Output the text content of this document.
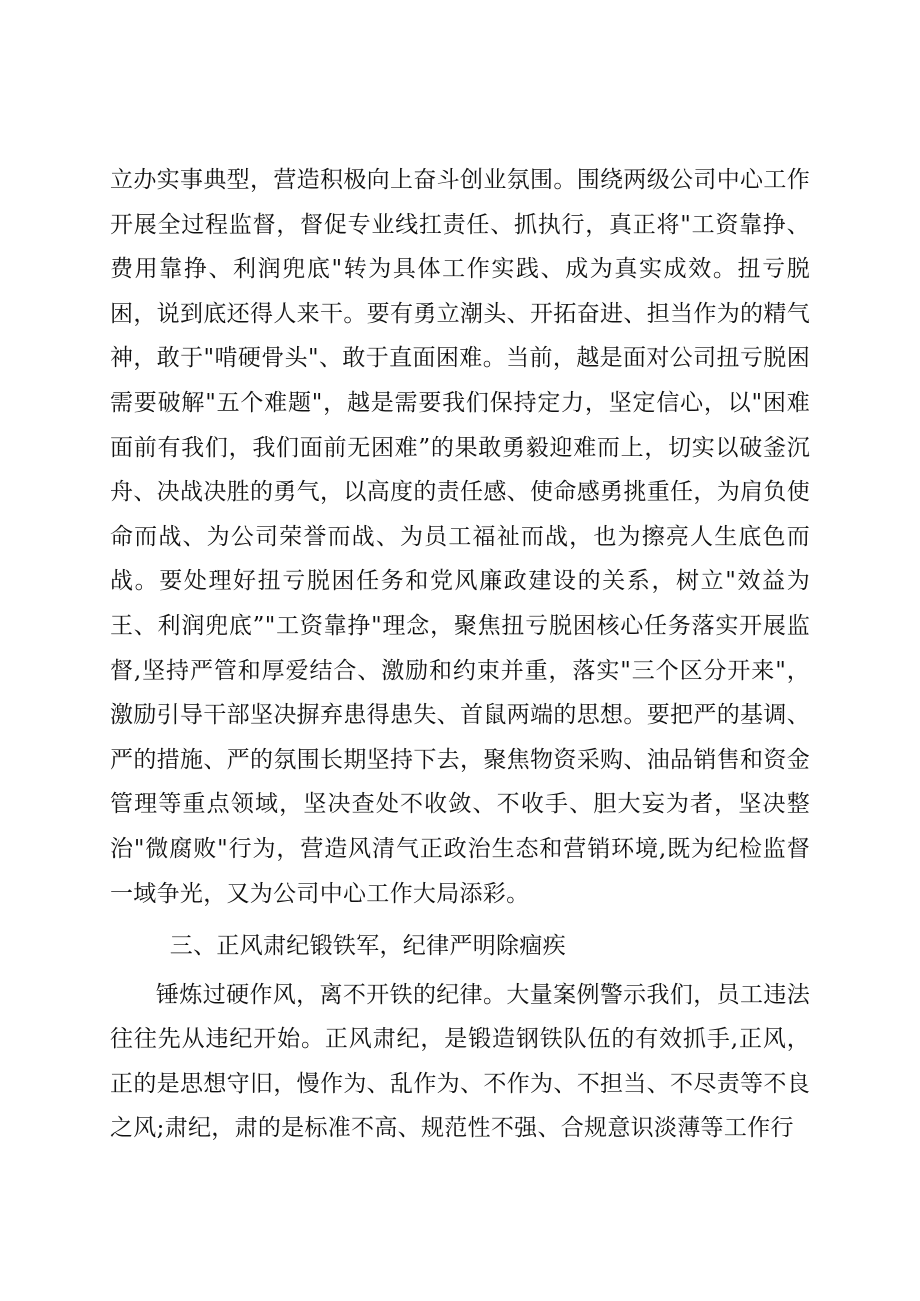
立办实事典型，营造积极向上奋斗创业氛围。围绕两级公司中心工作开展全过程监督，督促专业线扛责任、抓执行，真正将"工资靠挣、费用靠挣、利润兜底"转为具体工作实践、成为真实成效。扭亏脱困，说到底还得人来干。要有勇立潮头、开拓奋进、担当作为的精气神，敢于"啃硬骨头"、敢于直面困难。当前，越是面对公司扭亏脱困需要破解"五个难题"，越是需要我们保持定力，坚定信心，以"困难面前有我们，我们面前无困难”的果敢勇毅迎难而上，切实以破釜沉舟、决战决胜的勇气，以高度的责任感、使命感勇挑重任，为肩负使命而战、为公司荣誉而战、为员工福祉而战，也为擦亮人生底色而战。要处理好扭亏脱困任务和党风廉政建设的关系，树立"效益为王、利润兜底”"工资靠挣"理念，聚焦扭亏脱困核心任务落实开展监督,坚持严管和厚爱结合、激励和约束并重，落实"三个区分开来"，激励引导干部坚决摒弃患得患失、首鼠两端的思想。要把严的基调、严的措施、严的氛围长期坚持下去，聚焦物资采购、油品销售和资金管理等重点领域，坚决查处不收敛、不收手、胆大妄为者，坚决整治"微腐败"行为，营造风清气正政治生态和营销环境,既为纪检监督一域争光，又为公司中心工作大局添彩。

三、正风肃纪锻铁军，纪律严明除痼疾

锤炼过硬作风，离不开铁的纪律。大量案例警示我们，员工违法往往先从违纪开始。正风肃纪，是锻造钢铁队伍的有效抓手,正风，正的是思想守旧，慢作为、乱作为、不作为、不担当、不尽责等不良之风;肃纪，肃的是标准不高、规范性不强、合规意识淡薄等工作行
